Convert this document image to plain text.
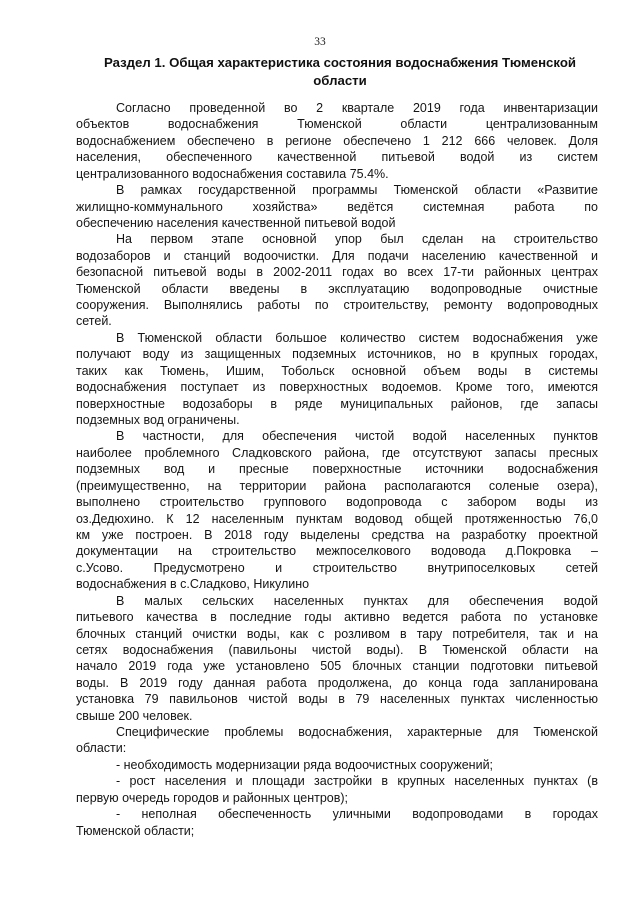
33
Раздел 1. Общая характеристика состояния водоснабжения Тюменской
области
Согласно проведенной во 2 квартале 2019 года инвентаризации
объектов водоснабжения Тюменской области централизованным
водоснабжением обеспечено в регионе обеспечено 1 212 666 человек. Доля
населения, обеспеченного качественной питьевой водой из систем
централизованного водоснабжения составила 75.4%.
В рамках государственной программы Тюменской области «Развитие
жилищно-коммунального хозяйства» ведётся системная работа по
обеспечению населения качественной питьевой водой
На первом этапе основной упор был сделан на строительство
водозаборов и станций водоочистки. Для подачи населению качественной и
безопасной питьевой воды в 2002-2011 годах во всех 17-ти районных центрах
Тюменской области введены в эксплуатацию водопроводные очистные
сооружения. Выполнялись работы по строительству, ремонту водопроводных
сетей.
В Тюменской области большое количество систем водоснабжения уже
получают воду из защищенных подземных источников, но в крупных городах,
таких как Тюмень, Ишим, Тобольск основной объем воды в системы
водоснабжения поступает из поверхностных водоемов. Кроме того, имеются
поверхностные водозаборы в ряде муниципальных районов, где запасы
подземных вод ограничены.
В частности, для обеспечения чистой водой населенных пунктов
наиболее проблемного Сладковского района, где отсутствуют запасы пресных
подземных вод и пресные поверхностные источники водоснабжения
(преимущественно, на территории района располагаются соленые озера),
выполнено строительство группового водопровода с забором воды из
оз.Дедюхино. К 12 населенным пунктам водовод общей протяженностью 76,0
км уже построен. В 2018 году выделены средства на разработку проектной
документации на строительство межпоселкового водовода д.Покровка –
с.Усово. Предусмотрено и строительство внутрипоселковых сетей
водоснабжения в с.Сладково, Никулино
В малых сельских населенных пунктах для обеспечения водой
питьевого качества в последние годы активно ведется работа по установке
блочных станций очистки воды, как с розливом в тару потребителя, так и на
сетях водоснабжения (павильоны чистой воды). В Тюменской области на
начало 2019 года уже установлено 505 блочных станции подготовки питьевой
воды. В 2019 году данная работа продолжена, до конца года запланирована
установка 79 павильонов чистой воды в 79 населенных пунктах численностью
свыше 200 человек.
Специфические проблемы водоснабжения, характерные для Тюменской
области:
- необходимость модернизации ряда водоочистных сооружений;
- рост населения и площади застройки в крупных населенных пунктах (в
первую очередь городов и районных центров);
- неполная обеспеченность уличными водопроводами в городах
Тюменской области;
